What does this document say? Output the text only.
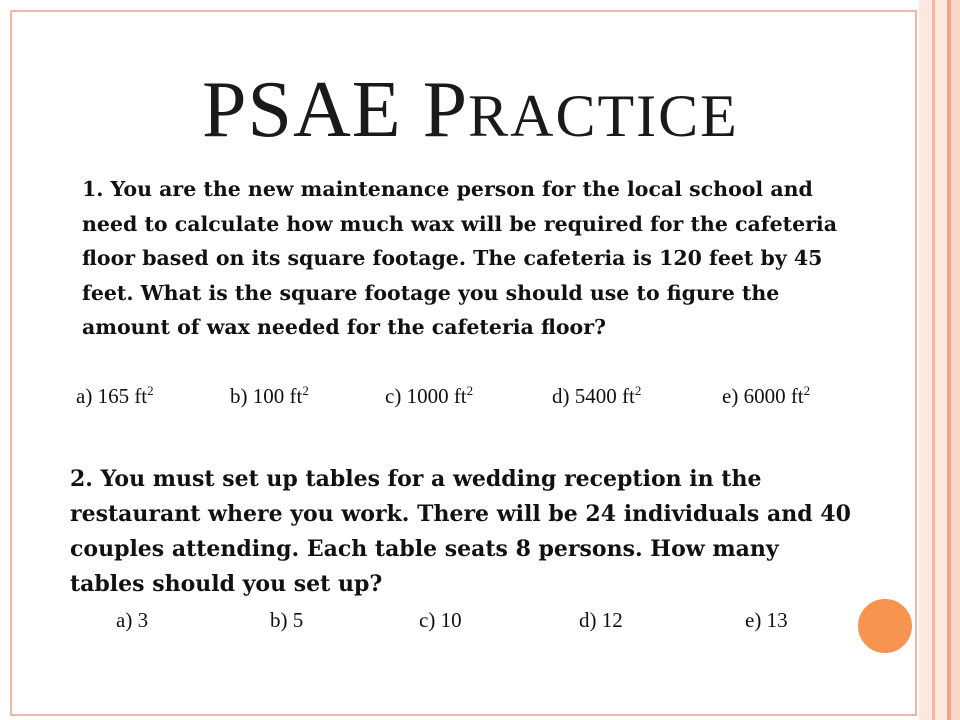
PSAE PRACTICE
1. You are the new maintenance person for the local school and need to calculate how much wax will be required for the cafeteria floor based on its square footage. The cafeteria is 120 feet by 45 feet. What is the square footage you should use to figure the amount of wax needed for the cafeteria floor?
a) 165 $ft^2$	b) 100 $ft^2$	c) 1000 $ft^2$	d) 5400 $ft^2$	e) 6000 $ft^2$
2. You must set up tables for a wedding reception in the restaurant where you work. There will be 24 individuals and 40 couples attending. Each table seats 8 persons. How many tables should you set up?
a) 3	b) 5	c) 10	d) 12	e) 13
